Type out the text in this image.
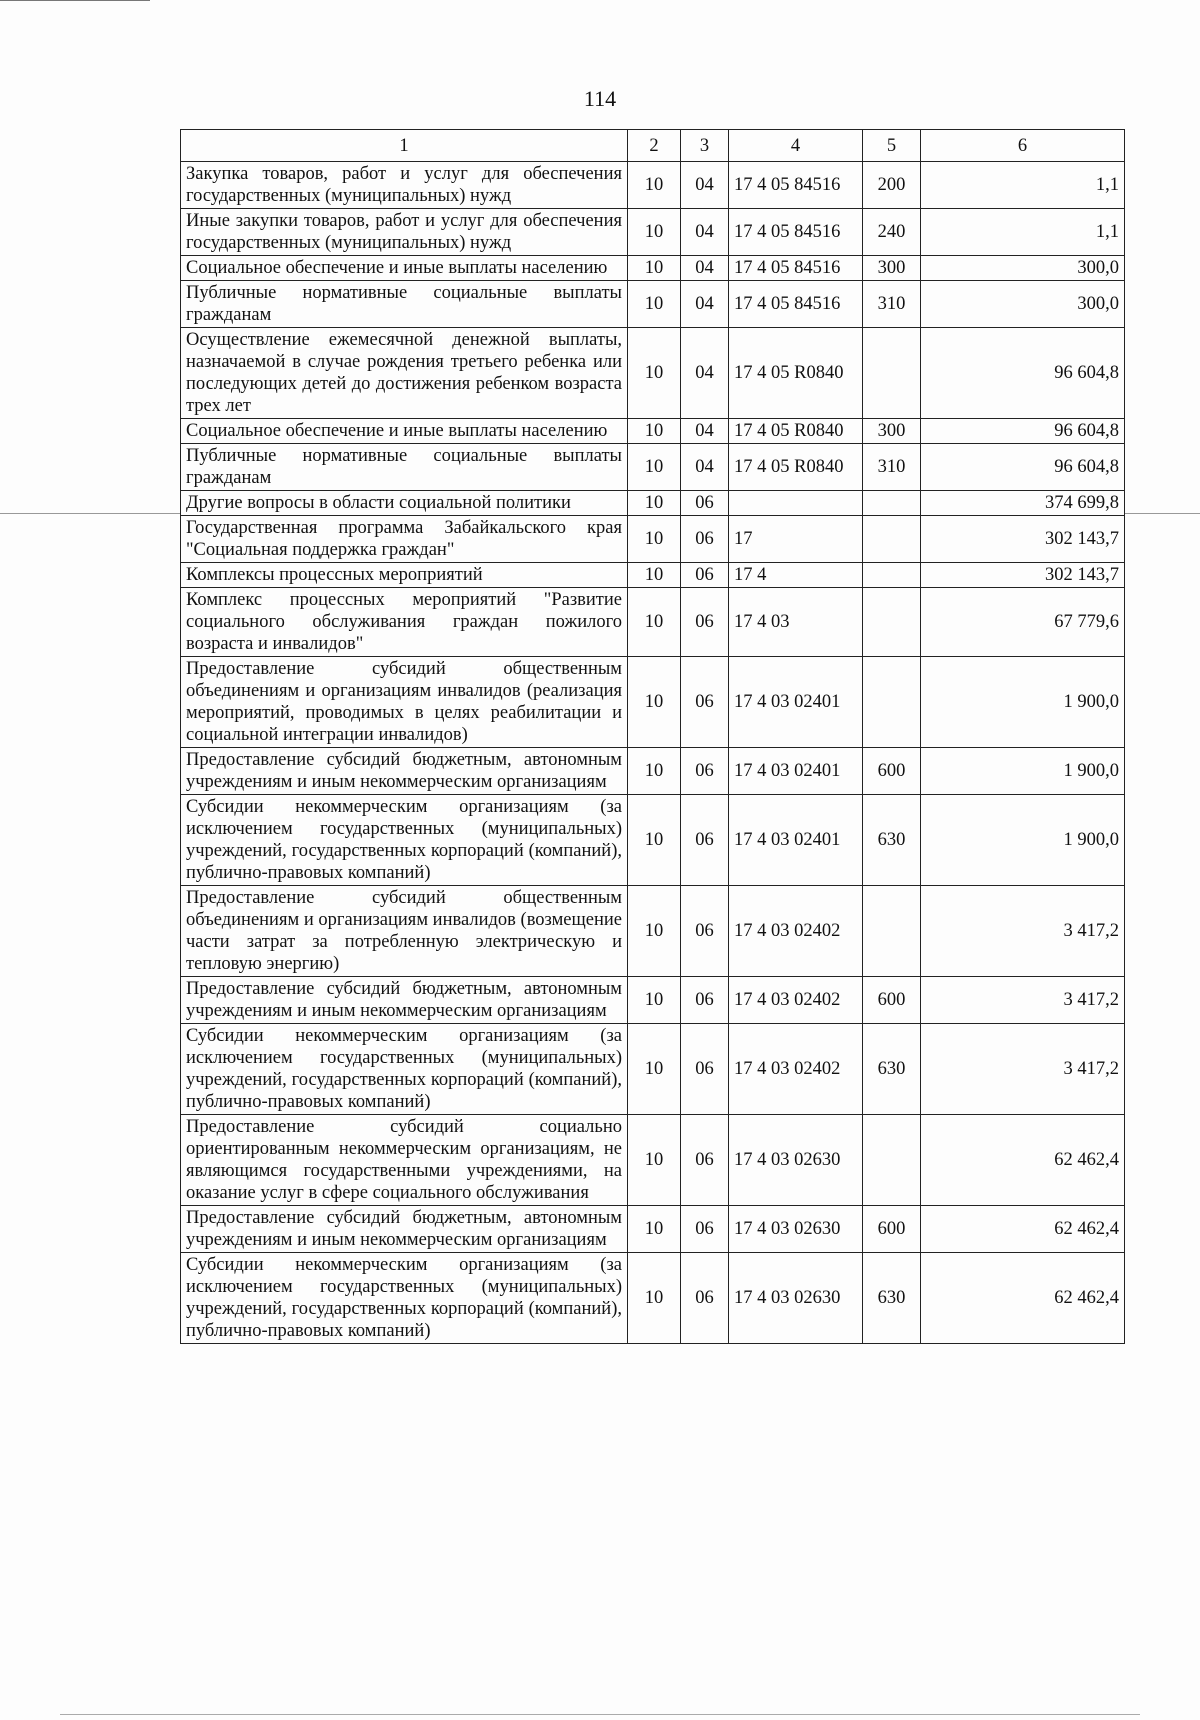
114
1	2	3	4	5	6
Закупка товаров, работ и услуг для обеспечения государственных (муниципальных) нужд	10	04	17 4 05 84516	200	1,1
Иные закупки товаров, работ и услуг для обеспечения государственных (муниципальных) нужд	10	04	17 4 05 84516	240	1,1
Социальное обеспечение и иные выплаты населению	10	04	17 4 05 84516	300	300,0
Публичные нормативные социальные выплаты гражданам	10	04	17 4 05 84516	310	300,0
Осуществление ежемесячной денежной выплаты, назначаемой в случае рождения третьего ребенка или последующих детей до достижения ребенком возраста трех лет	10	04	17 4 05 R0840		96 604,8
Социальное обеспечение и иные выплаты населению	10	04	17 4 05 R0840	300	96 604,8
Публичные нормативные социальные выплаты гражданам	10	04	17 4 05 R0840	310	96 604,8
Другие вопросы в области социальной политики	10	06			374 699,8
Государственная программа Забайкальского края "Социальная поддержка граждан"	10	06	17		302 143,7
Комплексы процессных мероприятий	10	06	17 4		302 143,7
Комплекс процессных мероприятий "Развитие социального обслуживания граждан пожилого возраста и инвалидов"	10	06	17 4 03		67 779,6
Предоставление субсидий общественным объединениям и организациям инвалидов (реализация мероприятий, проводимых в целях реабилитации и социальной интеграции инвалидов)	10	06	17 4 03 02401		1 900,0
Предоставление субсидий бюджетным, автономным учреждениям и иным некоммерческим организациям	10	06	17 4 03 02401	600	1 900,0
Субсидии некоммерческим организациям (за исключением государственных (муниципальных) учреждений, государственных корпораций (компаний), публично-правовых компаний)	10	06	17 4 03 02401	630	1 900,0
Предоставление субсидий общественным объединениям и организациям инвалидов (возмещение части затрат за потребленную электрическую и тепловую энергию)	10	06	17 4 03 02402		3 417,2
Предоставление субсидий бюджетным, автономным учреждениям и иным некоммерческим организациям	10	06	17 4 03 02402	600	3 417,2
Субсидии некоммерческим организациям (за исключением государственных (муниципальных) учреждений, государственных корпораций (компаний), публично-правовых компаний)	10	06	17 4 03 02402	630	3 417,2
Предоставление субсидий социально ориентированным некоммерческим организациям, не являющимся государственными учреждениями, на оказание услуг в сфере социального обслуживания	10	06	17 4 03 02630		62 462,4
Предоставление субсидий бюджетным, автономным учреждениям и иным некоммерческим организациям	10	06	17 4 03 02630	600	62 462,4
Субсидии некоммерческим организациям (за исключением государственных (муниципальных) учреждений, государственных корпораций (компаний), публично-правовых компаний)	10	06	17 4 03 02630	630	62 462,4
